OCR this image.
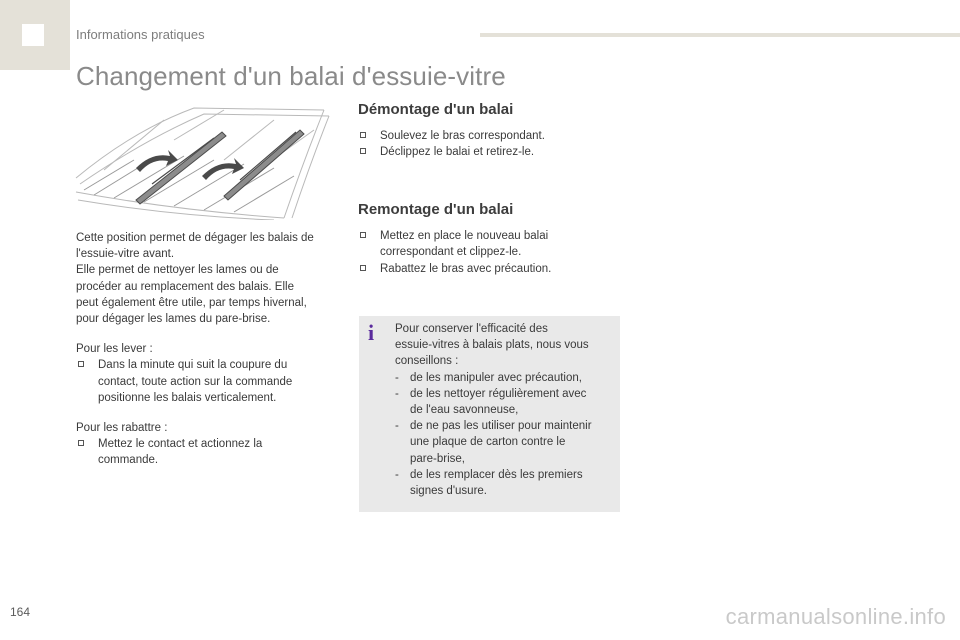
Informations pratiques
Changement d'un balai d'essuie-vitre

Cette position permet de dégager les balais de
l'essuie-vitre avant.
Elle permet de nettoyer les lames ou de
procéder au remplacement des balais. Elle
peut également être utile, par temps hivernal,
pour dégager les lames du pare-brise.

Pour les lever :

Dans la minute qui suit la coupure du
contact, toute action sur la commande
positionne les balais verticalement.

Pour les rabattre :

Mettez le contact et actionnez la
commande.

Démontage d'un balai

Soulevez le bras correspondant.

Déclippez le balai et retirez-le.

Remontage d'un balai

Mettez en place le nouveau balai
correspondant et clippez-le.

Rabattez le bras avec précaution.

i Pour conserver l'efficacité des
essuie-vitres à balais plats, nous vous
conseillons :

- de les manipuler avec précaution,

- de les nettoyer régulièrement avec
de l'eau savonneuse,

- de ne pas les utiliser pour maintenir
une plaque de carton contre le
pare-brise,

- de les remplacer dès les premiers
signes d'usure.

164	carmanualsonline.info
